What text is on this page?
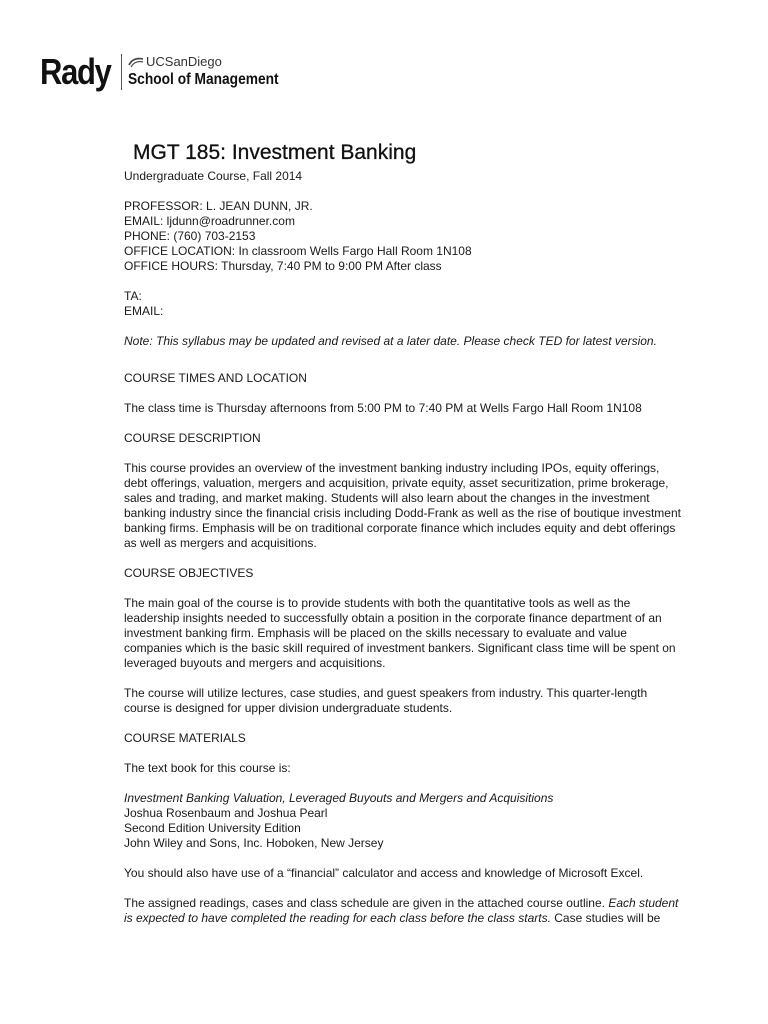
Rady	UCSanDiego
School of Management
MGT 185: Investment Banking
Undergraduate Course, Fall 2014
PROFESSOR: L. JEAN DUNN, JR.
EMAIL: ljdunn@roadrunner.com
PHONE: (760) 703-2153
OFFICE LOCATION: In classroom Wells Fargo Hall Room 1N108
OFFICE HOURS: Thursday, 7:40 PM to 9:00 PM After class
TA:
EMAIL:
Note: This syllabus may be updated and revised at a later date. Please check TED for latest version.
COURSE TIMES AND LOCATION
The class time is Thursday afternoons from 5:00 PM to 7:40 PM at Wells Fargo Hall Room 1N108
COURSE DESCRIPTION

This course provides an overview of the investment banking industry including IPOs, equity offerings,
debt offerings, valuation, mergers and acquisition, private equity, asset securitization, prime brokerage,
sales and trading, and market making. Students will also learn about the changes in the investment
banking industry since the financial crisis including Dodd-Frank as well as the rise of boutique investment
banking firms. Emphasis will be on traditional corporate finance which includes equity and debt offerings
as well as mergers and acquisitions.

COURSE OBJECTIVES

The main goal of the course is to provide students with both the quantitative tools as well as the
leadership insights needed to successfully obtain a position in the corporate finance department of an
investment banking firm. Emphasis will be placed on the skills necessary to evaluate and value
companies which is the basic skill required of investment bankers. Significant class time will be spent on
leveraged buyouts and mergers and acquisitions.

The course will utilize lectures, case studies, and guest speakers from industry. This quarter-length
course is designed for upper division undergraduate students.

COURSE MATERIALS
The text book for this course is:

Investment Banking Valuation, Leveraged Buyouts and Mergers and Acquisitions
Joshua Rosenbaum and Joshua Pearl
Second Edition University Edition
John Wiley and Sons, Inc. Hoboken, New Jersey

You should also have use of a “financial” calculator and access and knowledge of Microsoft Excel.

The assigned readings, cases and class schedule are given in the attached course outline. Each student
is expected to have completed the reading for each class before the class starts. Case studies will be
